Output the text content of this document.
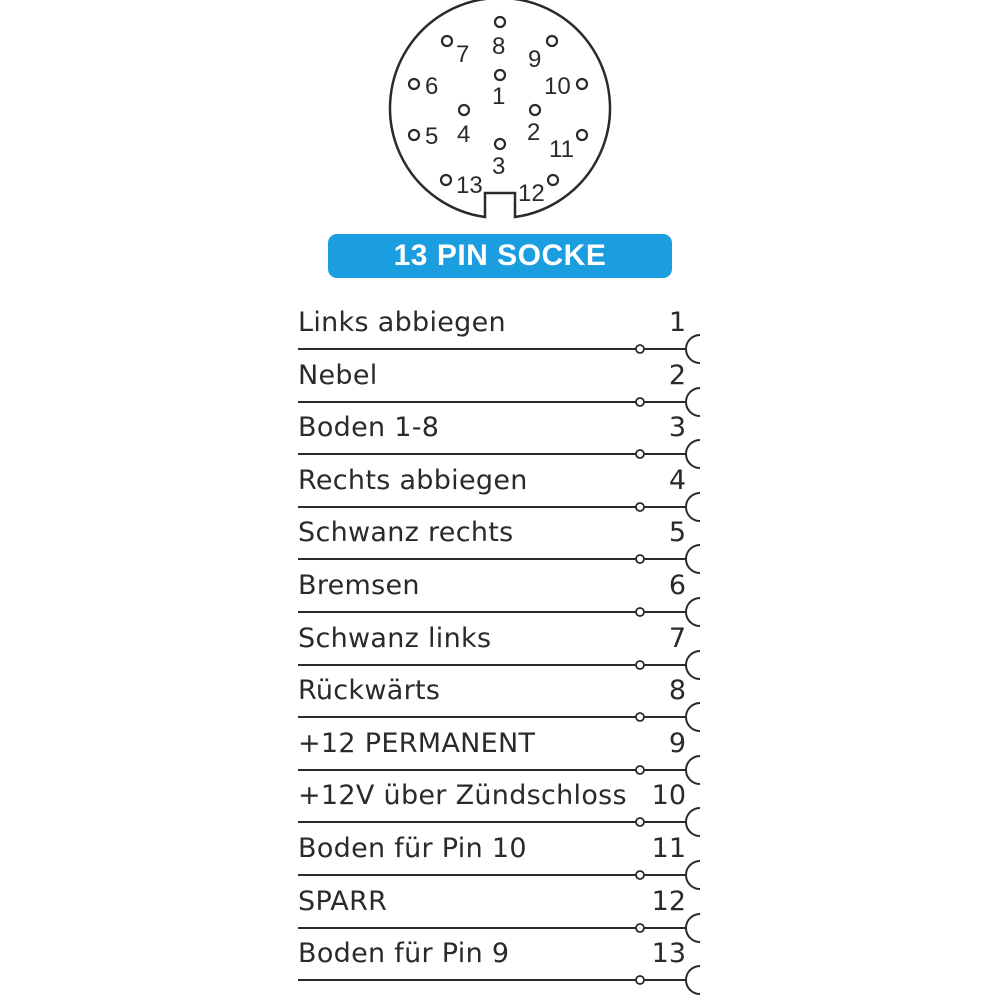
1
2
3
4
5
6
7 8 9
10
11
12
13
13 PIN SOCKE
Links abbiegen	1
Nebel	2
Boden 1-8	3
Rechts abbiegen	4
Schwanz rechts	5
Bremsen	6
Schwanz links	7
Rückwärts	8
+12 PERMANENT	9
+12V über Zündschloss 10
Boden für Pin 10	11
SPARR	12
Boden für Pin 9	13
